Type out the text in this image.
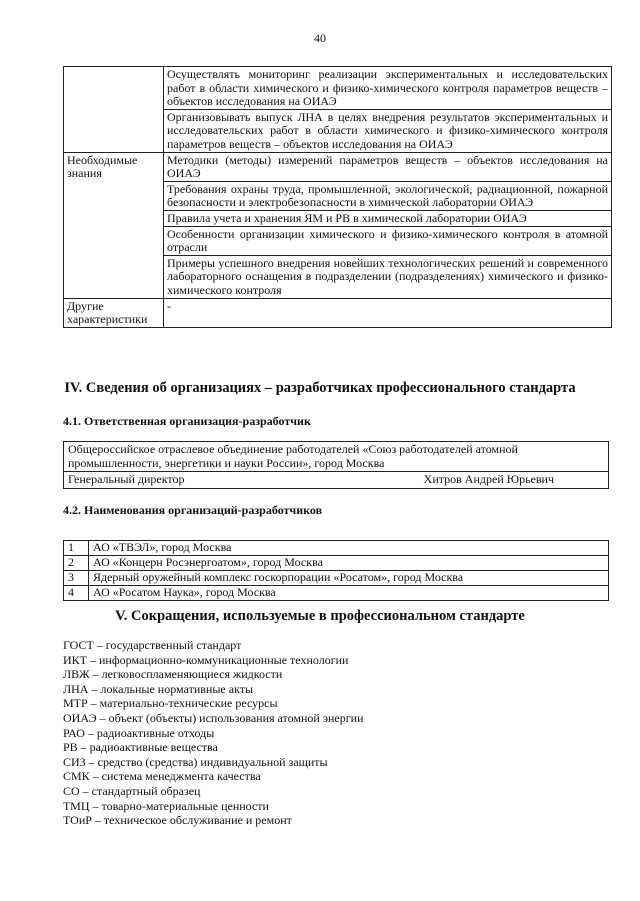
40
	Осуществлять мониторинг реализации экспериментальных и исследовательских работ в области химического и физико-химического контроля параметров веществ – объектов исследования на ОИАЭ
	Организовывать выпуск ЛНА в целях внедрения результатов экспериментальных и исследовательских работ в области химического и физико-химического контроля параметров веществ – объектов исследования на ОИАЭ
Необходимые знания	Методики (методы) измерений параметров веществ – объектов исследования на ОИАЭ
	Требования охраны труда, промышленной, экологической, радиационной, пожарной безопасности и электробезопасности в химической лаборатории ОИАЭ
	Правила учета и хранения ЯМ и РВ в химической лаборатории ОИАЭ
	Особенности организации химического и физико-химического контроля в атомной отрасли
	Примеры успешного внедрения новейших технологических решений и современного лабораторного оснащения в подразделении (подразделениях) химического и физико-химического контроля
Другие характеристики	-
IV. Сведения об организациях – разработчиках профессионального стандарта
4.1. Ответственная организация-разработчик
Общероссийское отраслевое объединение работодателей «Союз работодателей атомной промышленности, энергетики и науки России», город Москва

Генеральный директор	Хитров Андрей Юрьевич
4.2. Наименования организаций-разработчиков
1	АО «ТВЭЛ», город Москва
2	АО «Концерн Росэнергоатом», город Москва
3	Ядерный оружейный комплекс госкорпорации «Росатом», город Москва
4	АО «Росатом Наука», город Москва
V. Сокращения, используемые в профессиональном стандарте
ГОСТ – государственный стандарт
ИКТ – информационно-коммуникационные технологии
ЛВЖ – легковоспламеняющиеся жидкости
ЛНА – локальные нормативные акты
МТР – материально-технические ресурсы
ОИАЭ – объект (объекты) использования атомной энергии
РАО – радиоактивные отходы
РВ – радиоактивные вещества
СИЗ – средство (средства) индивидуальной защиты
СМК – система менеджмента качества
СО – стандартный образец
ТМЦ – товарно-материальные ценности
ТОиР – техническое обслуживание и ремонт
